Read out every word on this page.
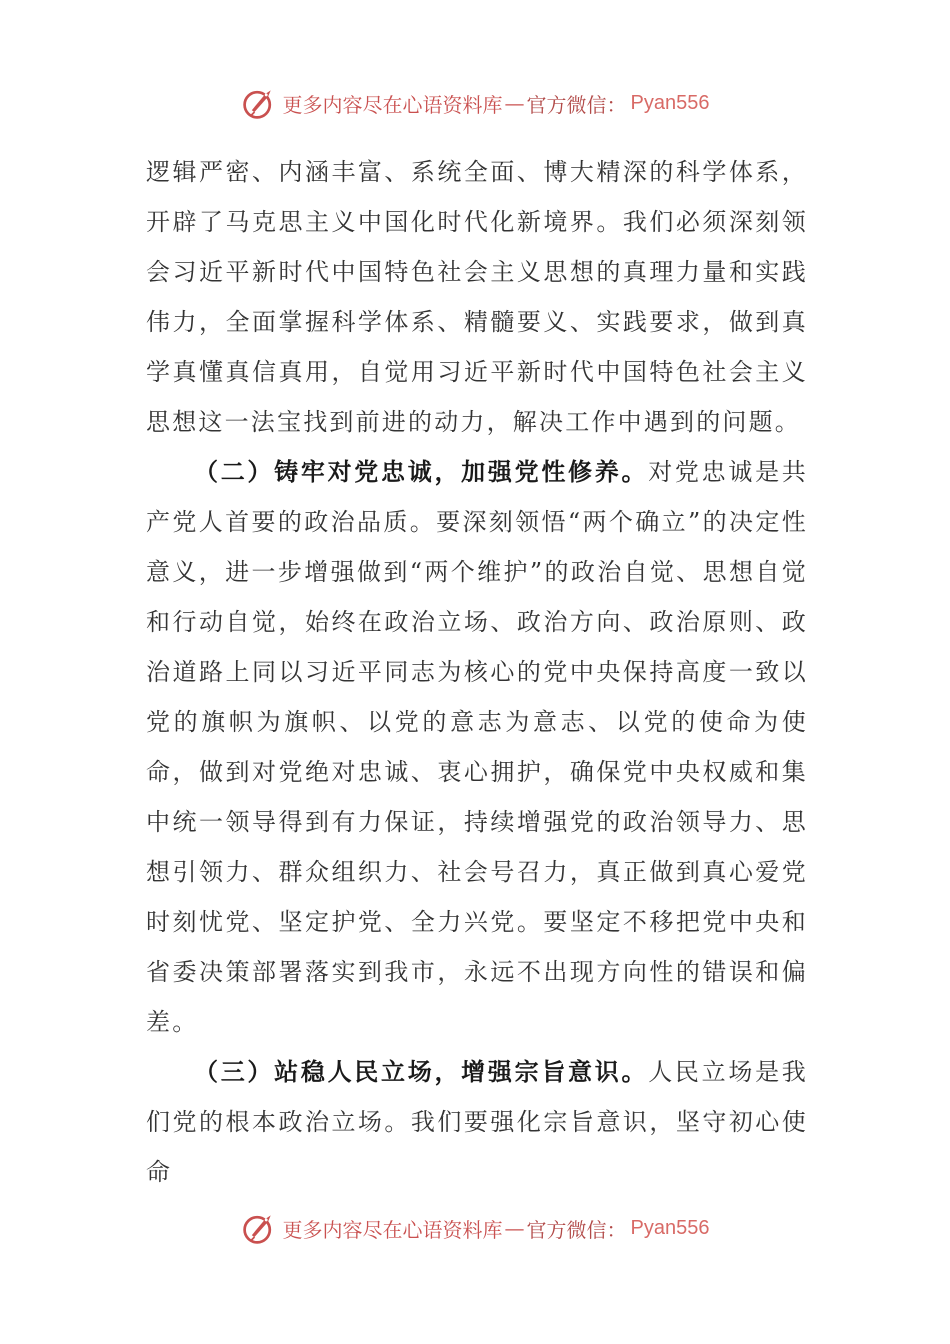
更多内容尽在心语资料库 — 官方微信： Pyan556

逻辑严密、内涵丰富、系统全面、博大精深的科学体系，开辟了马克思主义中国化时代化新境界。我们必须深刻领会习近平新时代中国特色社会主义思想的真理力量和实践伟力，全面掌握科学体系、精髓要义、实践要求，做到真学真懂真信真用，自觉用习近平新时代中国特色社会主义思想这一法宝找到前进的动力，解决工作中遇到的问题。

（二）铸牢对党忠诚，加强党性修养。对党忠诚是共产党人首要的政治品质。要深刻领悟“两个确立”的决定性意义，进一步增强做到“两个维护”的政治自觉、思想自觉和行动自觉，始终在政治立场、政治方向、政治原则、政治道路上同以习近平同志为核心的党中央保持高度一致以党的旗帜为旗帜、以党的意志为意志、以党的使命为使命，做到对党绝对忠诚、衷心拥护，确保党中央权威和集中统一领导得到有力保证，持续增强党的政治领导力、思想引领力、群众组织力、社会号召力，真正做到真心爱党时刻忧党、坚定护党、全力兴党。要坚定不移把党中央和省委决策部署落实到我市，永远不出现方向性的错误和偏差。

（三）站稳人民立场，增强宗旨意识。人民立场是我们党的根本政治立场。我们要强化宗旨意识，坚守初心使命

更多内容尽在心语资料库 — 官方微信： Pyan556
